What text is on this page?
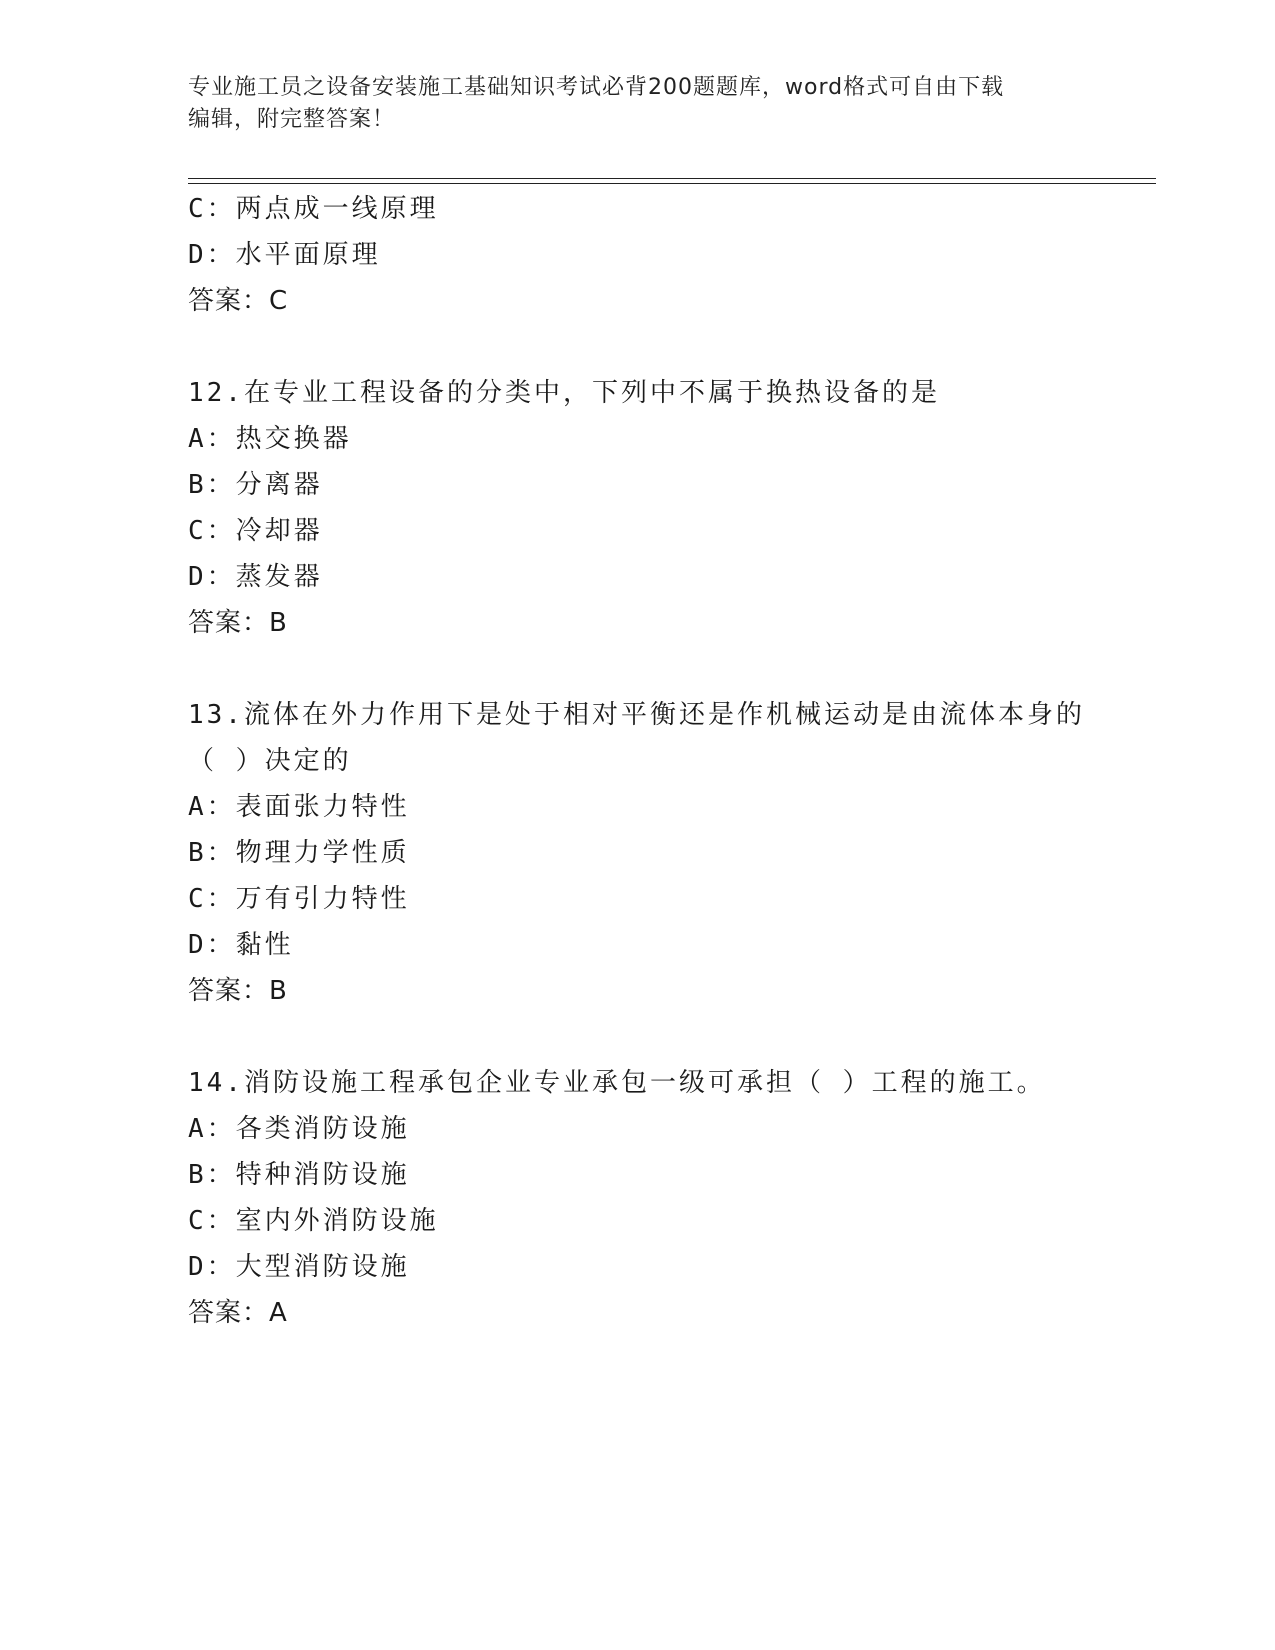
专业施工员之设备安装施工基础知识考试必背200题题库，word格式可自由下载
编辑，附完整答案！
C：两点成一线原理
D：水平面原理
答案：C
12.在专业工程设备的分类中，下列中不属于换热设备的是
A：热交换器
B：分离器
C：冷却器
D：蒸发器
答案：B
13.流体在外力作用下是处于相对平衡还是作机械运动是由流体本身的
（ ）决定的
A：表面张力特性
B：物理力学性质
C：万有引力特性
D：黏性
答案：B
14.消防设施工程承包企业专业承包一级可承担（ ）工程的施工。
A：各类消防设施
B：特种消防设施
C：室内外消防设施
D：大型消防设施
答案：A
